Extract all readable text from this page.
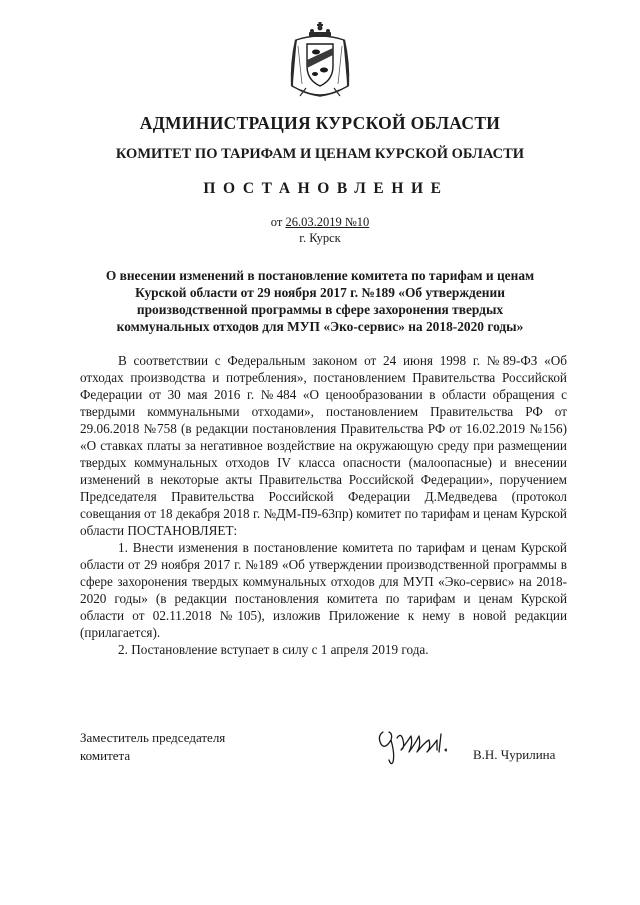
АДМИНИСТРАЦИЯ КУРСКОЙ ОБЛАСТИ
КОМИТЕТ ПО ТАРИФАМ И ЦЕНАМ КУРСКОЙ ОБЛАСТИ
ПОСТАНОВЛЕНИЕ
от 26.03.2019 №10
г. Курск
О внесении изменений в постановление комитета по тарифам и ценам Курской области от 29 ноября 2017 г. №189 «Об утверждении производственной программы в сфере захоронения твердых коммунальных отходов для МУП «Эко-сервис» на 2018-2020 годы»

В соответствии с Федеральным законом от 24 июня 1998 г. №89-ФЗ «Об отходах производства и потребления», постановлением Правительства Российской Федерации от 30 мая 2016 г. №484 «О ценообразовании в области обращения с твердыми коммунальными отходами», постановлением Правительства РФ от 29.06.2018 №758 (в редакции постановления Правительства РФ от 16.02.2019 №156) «О ставках платы за негативное воздействие на окружающую среду при размещении твердых коммунальных отходов IV класса опасности (малоопасные) и внесении изменений в некоторые акты Правительства Российской Федерации», поручением Председателя Правительства Российской Федерации Д.Медведева (протокол совещания от 18 декабря 2018 г. №ДМ-П9-63пр) комитет по тарифам и ценам Курской области ПОСТАНОВЛЯЕТ:

1. Внести изменения в постановление комитета по тарифам и ценам Курской области от 29 ноября 2017 г. №189 «Об утверждении производственной программы в сфере захоронения твердых коммунальных отходов для МУП «Эко-сервис» на 2018-2020 годы» (в редакции постановления комитета по тарифам и ценам Курской области от 02.11.2018 №105), изложив Приложение к нему в новой редакции (прилагается).

2. Постановление вступает в силу с 1 апреля 2019 года.

Заместитель председателя
комитета	В.Н. Чурилина
